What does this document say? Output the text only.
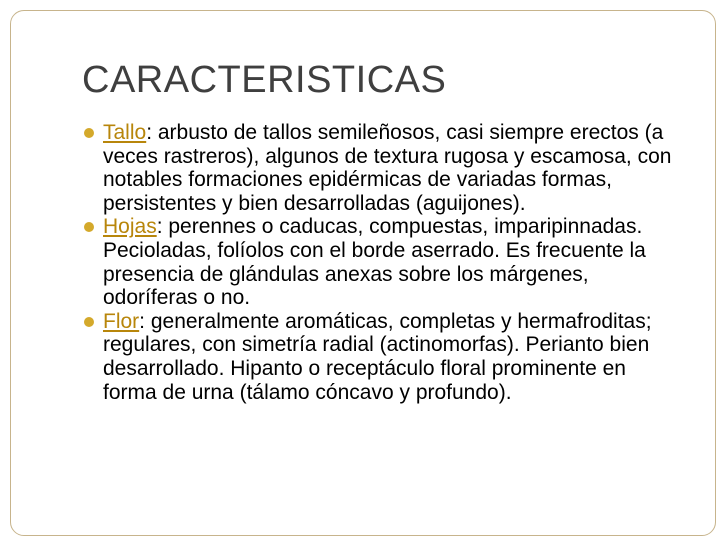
CARACTERISTICAS
Tallo: arbusto de tallos semileñosos, casi siempre erectos (a veces rastreros), algunos de textura rugosa y escamosa, con notables formaciones epidérmicas de variadas formas, persistentes y bien desarrolladas (aguijones).
Hojas: perennes o caducas, compuestas, imparipinnadas. Pecioladas, folíolos con el borde aserrado. Es frecuente la presencia de glándulas anexas sobre los márgenes, odoríferas o no.
Flor: generalmente aromáticas, completas y hermafroditas; regulares, con simetría radial (actinomorfas). Perianto bien desarrollado. Hipanto o receptáculo floral prominente en forma de urna (tálamo cóncavo y profundo).
